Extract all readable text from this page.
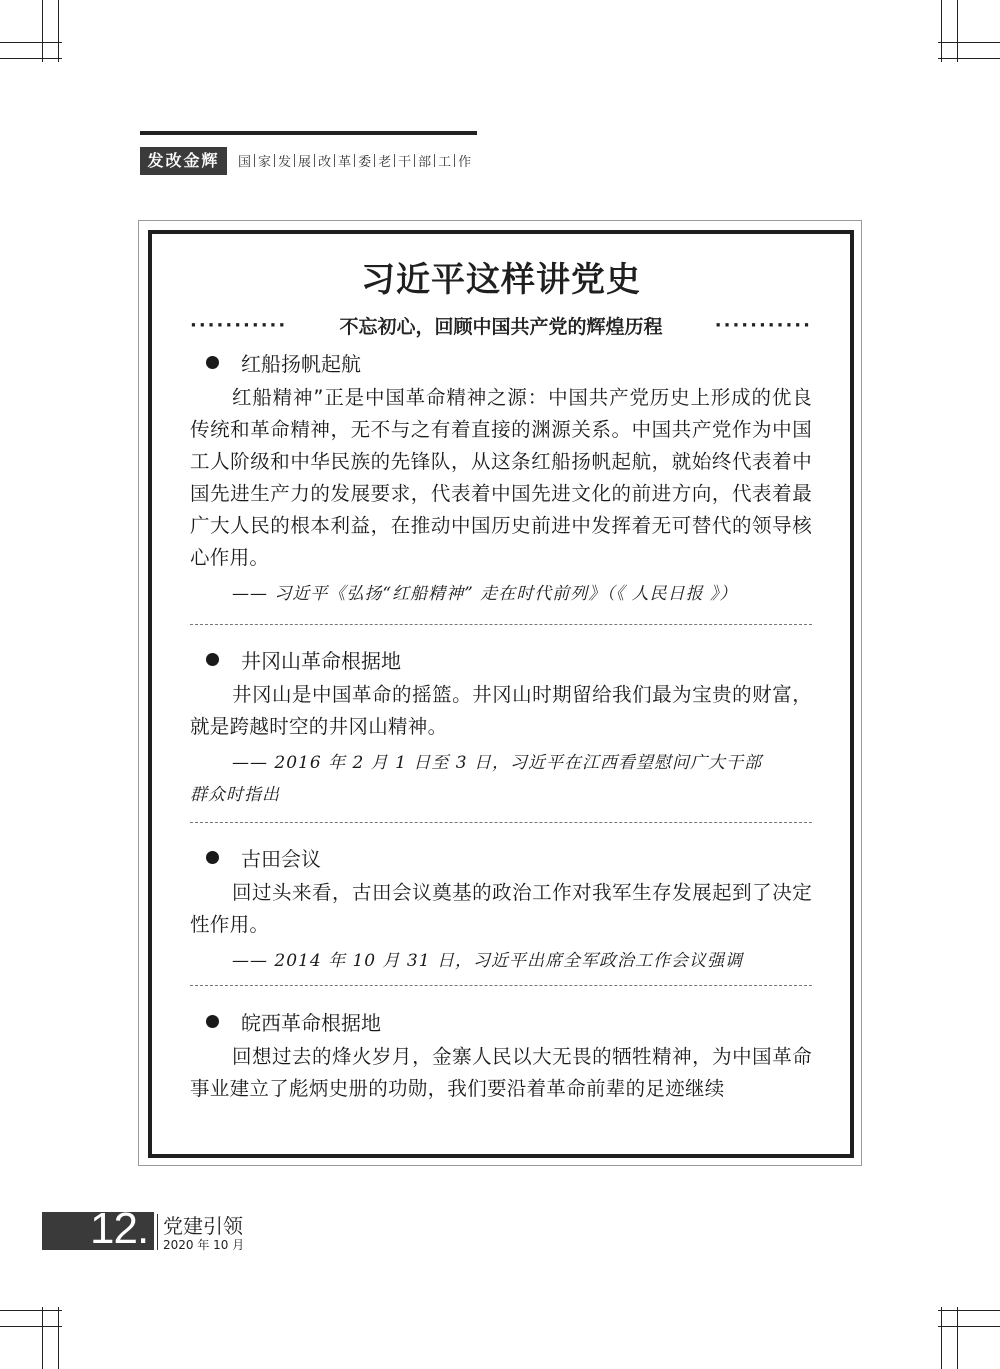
发改金辉	国 家 发 展 改 革 委 老 干 部 工 作
习近平这样讲党史
···········	不忘初心，回顾中国共产党的辉煌历程	···········
红船扬帆起航

红船精神”正是中国革命精神之源：中国共产党历史上形成的优良传统和革命精神，无不与之有着直接的渊源关系。中国共产党作为中国工人阶级和中华民族的先锋队，从这条红船扬帆起航，就始终代表着中国先进生产力的发展要求，代表着中国先进文化的前进方向，代表着最广大人民的根本利益，在推动中国历史前进中发挥着无可替代的领导核心作用。

—— 习近平《弘扬“红船精神” 走在时代前列》（《 人民日报 》）
井冈山革命根据地

井冈山是中国革命的摇篮。井冈山时期留给我们最为宝贵的财富，就是跨越时空的井冈山精神。

—— 2016 年 2 月 1 日至 3 日，习近平在江西看望慰问广大干部
群众时指出
古田会议

回过头来看，古田会议奠基的政治工作对我军生存发展起到了决定性作用。

—— 2014 年 10 月 31 日，习近平出席全军政治工作会议强调
皖西革命根据地

回想过去的烽火岁月，金寨人民以大无畏的牺牲精神，为中国革命事业建立了彪炳史册的功勋，我们要沿着革命前辈的足迹继续

12. 党建引领
2020 年 10 月
